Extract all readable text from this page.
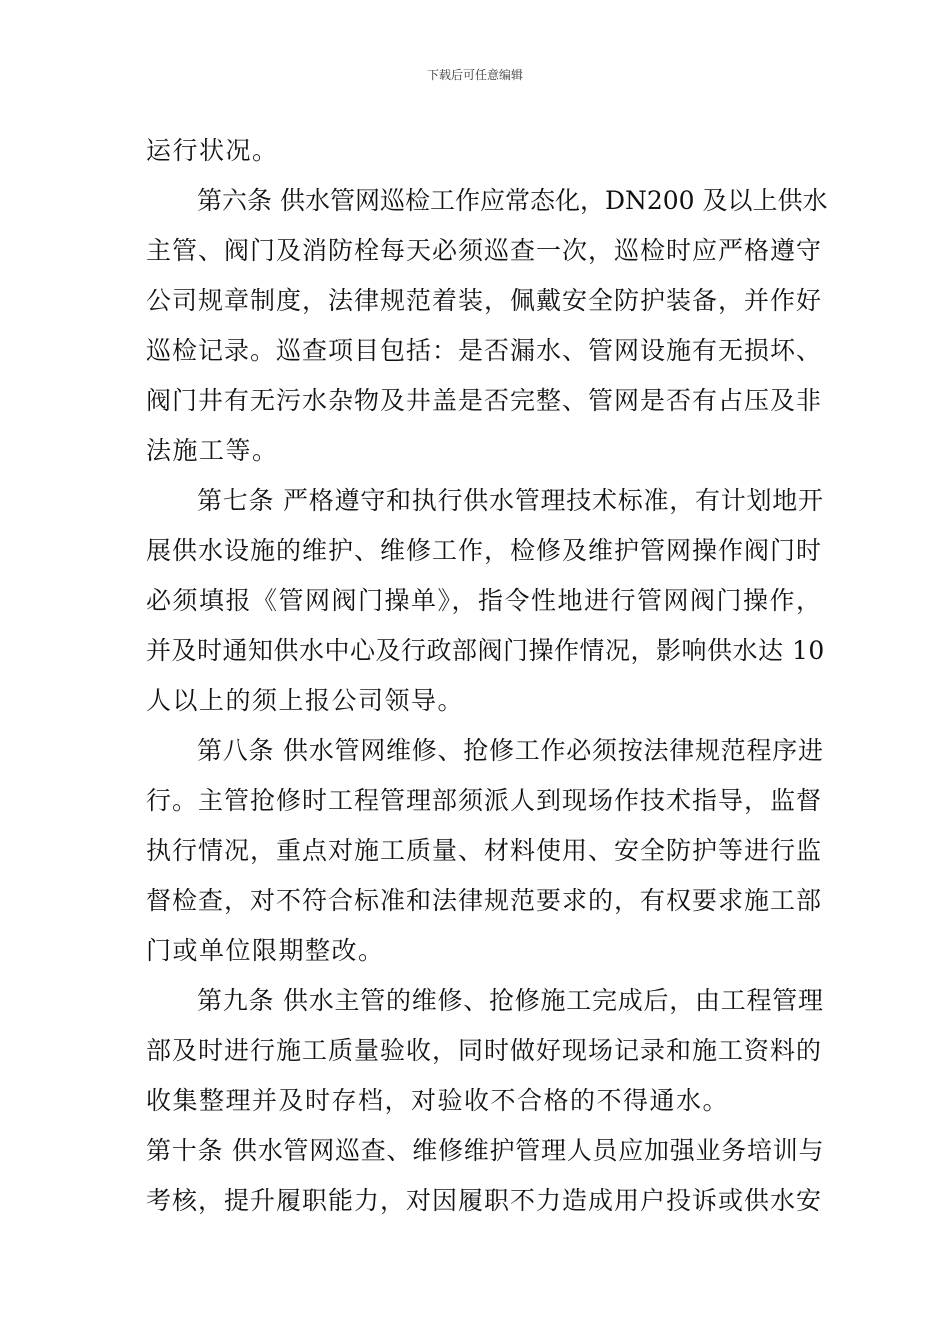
下载后可任意编辑
运行状况。
第六条 供水管网巡检工作应常态化，DN200 及以上供水
主管、阀门及消防栓每天必须巡查一次，巡检时应严格遵守
公司规章制度，法律规范着装，佩戴安全防护装备，并作好
巡检记录。巡查项目包括：是否漏水、管网设施有无损坏、
阀门井有无污水杂物及井盖是否完整、管网是否有占压及非
法施工等。
第七条 严格遵守和执行供水管理技术标准，有计划地开
展供水设施的维护、维修工作，检修及维护管网操作阀门时
必须填报《管网阀门操单》，指令性地进行管网阀门操作，
并及时通知供水中心及行政部阀门操作情况，影响供水达 10
人以上的须上报公司领导。
第八条 供水管网维修、抢修工作必须按法律规范程序进
行。主管抢修时工程管理部须派人到现场作技术指导，监督
执行情况，重点对施工质量、材料使用、安全防护等进行监
督检查，对不符合标准和法律规范要求的，有权要求施工部
门或单位限期整改。
第九条 供水主管的维修、抢修施工完成后，由工程管理
部及时进行施工质量验收，同时做好现场记录和施工资料的
收集整理并及时存档，对验收不合格的不得通水。
第十条 供水管网巡查、维修维护管理人员应加强业务培训与
考核，提升履职能力，对因履职不力造成用户投诉或供水安
